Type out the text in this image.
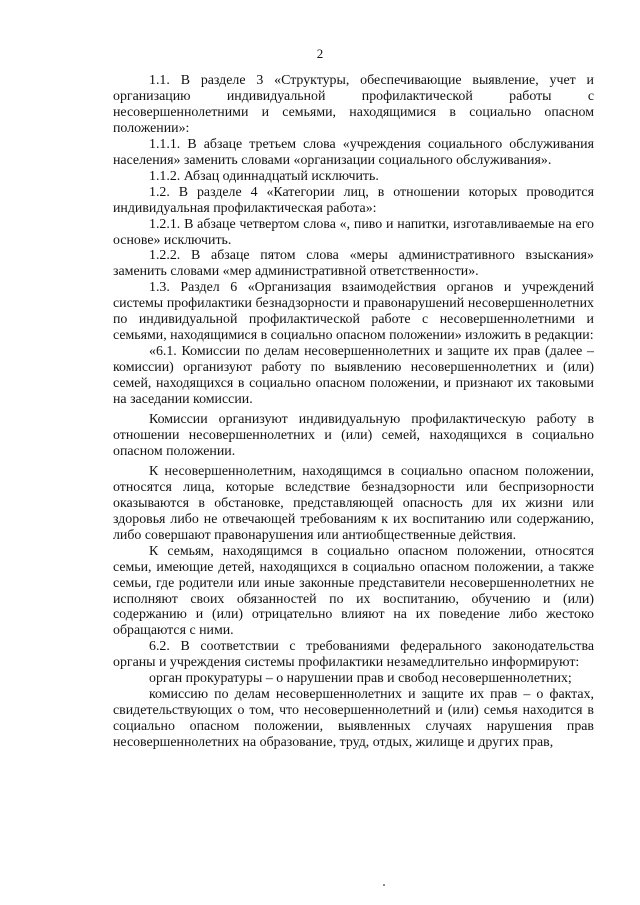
2

1.1. В разделе 3 «Структуры, обеспечивающие выявление, учет и организацию индивидуальной профилактической работы с несовершеннолетними и семьями, находящимися в социально опасном положении»:

1.1.1. В абзаце третьем слова «учреждения социального обслуживания населения» заменить словами «организации социального обслуживания».

1.1.2. Абзац одиннадцатый исключить.

1.2. В разделе 4 «Категории лиц, в отношении которых проводится индивидуальная профилактическая работа»:

1.2.1. В абзаце четвертом слова «, пиво и напитки, изготавливаемые на его основе» исключить.

1.2.2. В абзаце пятом слова «меры административного взыскания» заменить словами «мер административной ответственности».

1.3. Раздел 6 «Организация взаимодействия органов и учреждений системы профилактики безнадзорности и правонарушений несовершеннолетних по индивидуальной профилактической работе с несовершеннолетними и семьями, находящимися в социально опасном положении» изложить в редакции:

«6.1. Комиссии по делам несовершеннолетних и защите их прав (далее – комиссии) организуют работу по выявлению несовершеннолетних и (или) семей, находящихся в социально опасном положении, и признают их таковыми на заседании комиссии.

Комиссии организуют индивидуальную профилактическую работу в отношении несовершеннолетних и (или) семей, находящихся в социально опасном положении.

К несовершеннолетним, находящимся в социально опасном положении, относятся лица, которые вследствие безнадзорности или беспризорности оказываются в обстановке, представляющей опасность для их жизни или здоровья либо не отвечающей требованиям к их воспитанию или содержанию, либо совершают правонарушения или антиобщественные действия.

К семьям, находящимся в социально опасном положении, относятся семьи, имеющие детей, находящихся в социально опасном положении, а также семьи, где родители или иные законные представители несовершеннолетних не исполняют своих обязанностей по их воспитанию, обучению и (или) содержанию и (или) отрицательно влияют на их поведение либо жестоко обращаются с ними.

6.2. В соответствии с требованиями федерального законодательства органы и учреждения системы профилактики незамедлительно информируют:

орган прокуратуры – о нарушении прав и свобод несовершеннолетних;

комиссию по делам несовершеннолетних и защите их прав – о фактах, свидетельствующих о том, что несовершеннолетний и (или) семья находится в социально опасном положении, выявленных случаях нарушения прав несовершеннолетних на образование, труд, отдых, жилище и других прав,
